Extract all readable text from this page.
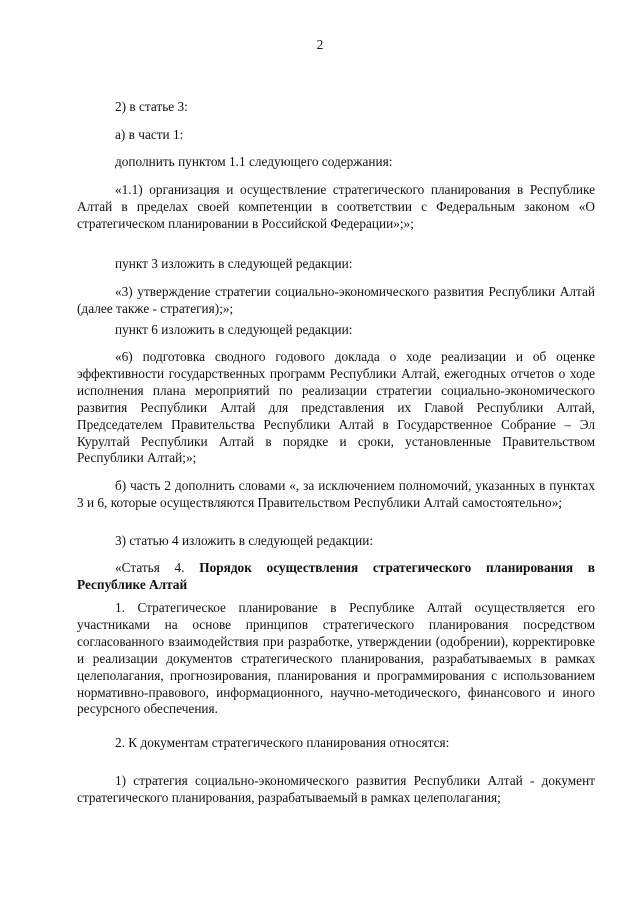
2

2) в статье 3:

а) в части 1:

дополнить пунктом 1.1 следующего содержания:

«1.1) организация и осуществление стратегического планирования в Республике Алтай в пределах своей компетенции в соответствии с Федеральным законом «О стратегическом планировании в Российской Федерации»;»;

пункт 3 изложить в следующей редакции:

«3) утверждение стратегии социально-экономического развития Республики Алтай (далее также - стратегия);»;

пункт 6 изложить в следующей редакции:

«6) подготовка сводного годового доклада о ходе реализации и об оценке эффективности государственных программ Республики Алтай, ежегодных отчетов о ходе исполнения плана мероприятий по реализации стратегии социально-экономического развития Республики Алтай для представления их Главой Республики Алтай, Председателем Правительства Республики Алтай в Государственное Собрание – Эл Курултай Республики Алтай в порядке и сроки, установленные Правительством Республики Алтай;»;

б) часть 2 дополнить словами «, за исключением полномочий, указанных в пунктах 3 и 6, которые осуществляются Правительством Республики Алтай самостоятельно»;

3) статью 4 изложить в следующей редакции:

«Статья 4. Порядок осуществления стратегического планирования в Республике Алтай

1. Стратегическое планирование в Республике Алтай осуществляется его участниками на основе принципов стратегического планирования посредством согласованного взаимодействия при разработке, утверждении (одобрении), корректировке и реализации документов стратегического планирования, разрабатываемых в рамках целеполагания, прогнозирования, планирования и программирования с использованием нормативно-правового, информационного, научно-методического, финансового и иного ресурсного обеспечения.

2. К документам стратегического планирования относятся:

1) стратегия социально-экономического развития Республики Алтай - документ стратегического планирования, разрабатываемый в рамках целеполагания;
